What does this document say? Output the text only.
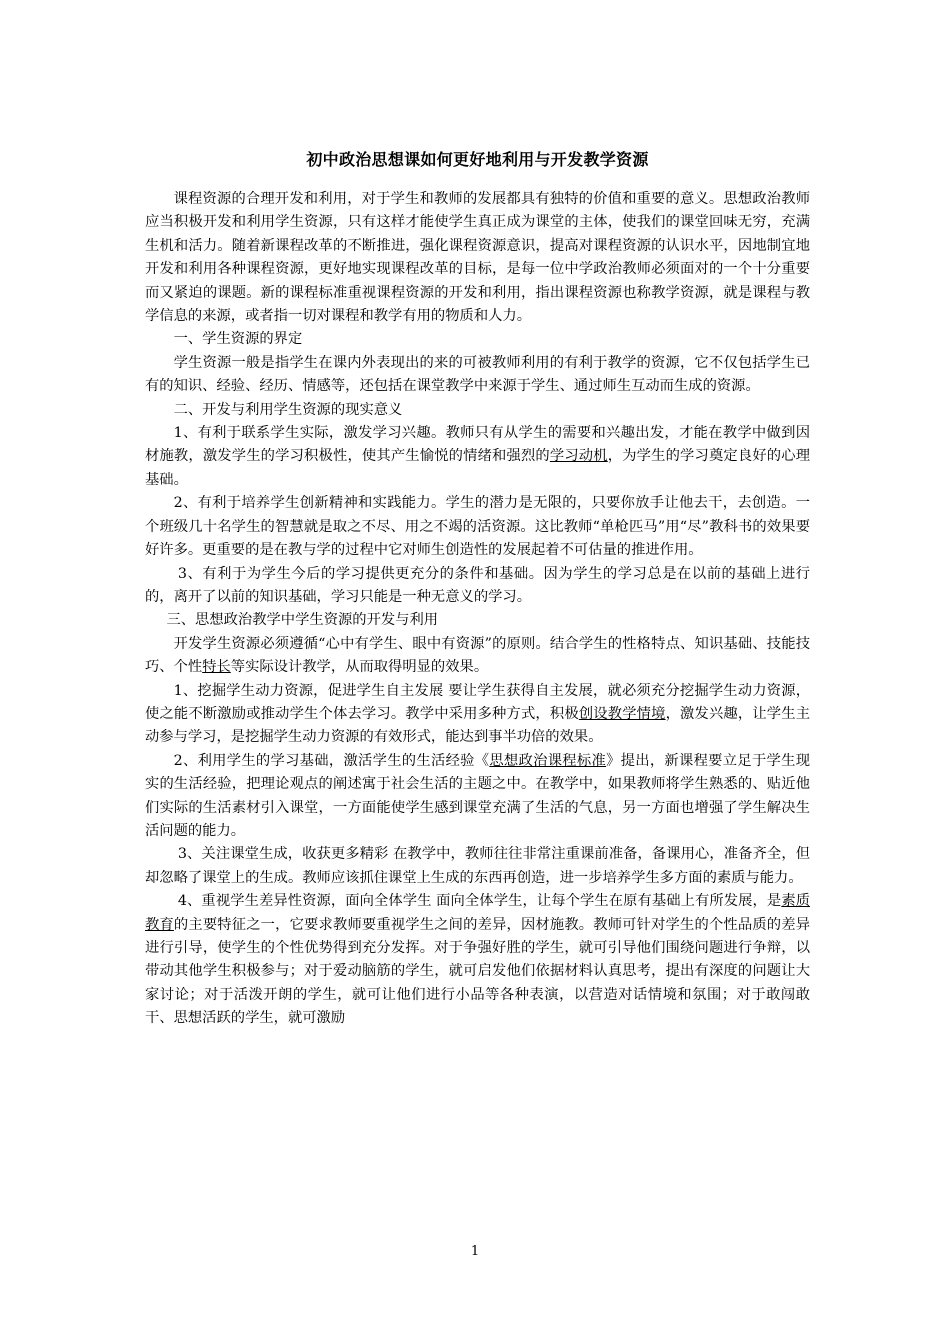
初中政治思想课如何更好地利用与开发教学资源

课程资源的合理开发和利用，对于学生和教师的发展都具有独特的价值和重要的意义。思想政治教师应当积极开发和利用学生资源，只有这样才能使学生真正成为课堂的主体，使我们的课堂回味无穷，充满生机和活力。随着新课程改革的不断推进，强化课程资源意识，提高对课程资源的认识水平，因地制宜地开发和利用各种课程资源，更好地实现课程改革的目标，是每一位中学政治教师必须面对的一个十分重要而又紧迫的课题。新的课程标准重视课程资源的开发和利用，指出课程资源也称教学资源，就是课程与教学信息的来源，或者指一切对课程和教学有用的物质和人力。

一、学生资源的界定

学生资源一般是指学生在课内外表现出的来的可被教师利用的有利于教学的资源，它不仅包括学生已有的知识、经验、经历、情感等，还包括在课堂教学中来源于学生、通过师生互动而生成的资源。

二、开发与利用学生资源的现实意义

1、有利于联系学生实际，激发学习兴趣。教师只有从学生的需要和兴趣出发，才能在教学中做到因材施教，激发学生的学习积极性，使其产生愉悦的情绪和强烈的学习动机，为学生的学习奠定良好的心理基础。

2、有利于培养学生创新精神和实践能力。学生的潜力是无限的，只要你放手让他去干，去创造。一个班级几十名学生的智慧就是取之不尽、用之不竭的活资源。这比教师“单枪匹马”用“尽”教科书的效果要好许多。更重要的是在教与学的过程中它对师生创造性的发展起着不可估量的推进作用。

3、有利于为学生今后的学习提供更充分的条件和基础。因为学生的学习总是在以前的基础上进行的，离开了以前的知识基础，学习只能是一种无意义的学习。

三、思想政治教学中学生资源的开发与利用

开发学生资源必须遵循“心中有学生、眼中有资源”的原则。结合学生的性格特点、知识基础、技能技巧、个性特长等实际设计教学，从而取得明显的效果。

1、挖掘学生动力资源，促进学生自主发展 要让学生获得自主发展，就必须充分挖掘学生动力资源，使之能不断激励或推动学生个体去学习。教学中采用多种方式，积极创设教学情境，激发兴趣，让学生主动参与学习，是挖掘学生动力资源的有效形式，能达到事半功倍的效果。

2、利用学生的学习基础，激活学生的生活经验《思想政治课程标准》提出，新课程要立足于学生现实的生活经验，把理论观点的阐述寓于社会生活的主题之中。在教学中，如果教师将学生熟悉的、贴近他们实际的生活素材引入课堂，一方面能使学生感到课堂充满了生活的气息，另一方面也增强了学生解决生活问题的能力。

3、关注课堂生成，收获更多精彩 在教学中，教师往往非常注重课前准备，备课用心，准备齐全，但却忽略了课堂上的生成。教师应该抓住课堂上生成的东西再创造，进一步培养学生多方面的素质与能力。

4、重视学生差异性资源，面向全体学生 面向全体学生，让每个学生在原有基础上有所发展，是素质教育的主要特征之一，它要求教师要重视学生之间的差异，因材施教。教师可针对学生的个性品质的差异进行引导，使学生的个性优势得到充分发挥。对于争强好胜的学生，就可引导他们围绕问题进行争辩，以带动其他学生积极参与；对于爱动脑筋的学生，就可启发他们依据材料认真思考，提出有深度的问题让大家讨论；对于活泼开朗的学生，就可让他们进行小品等各种表演，以营造对话情境和氛围；对于敢闯敢干、思想活跃的学生，就可激励

1
